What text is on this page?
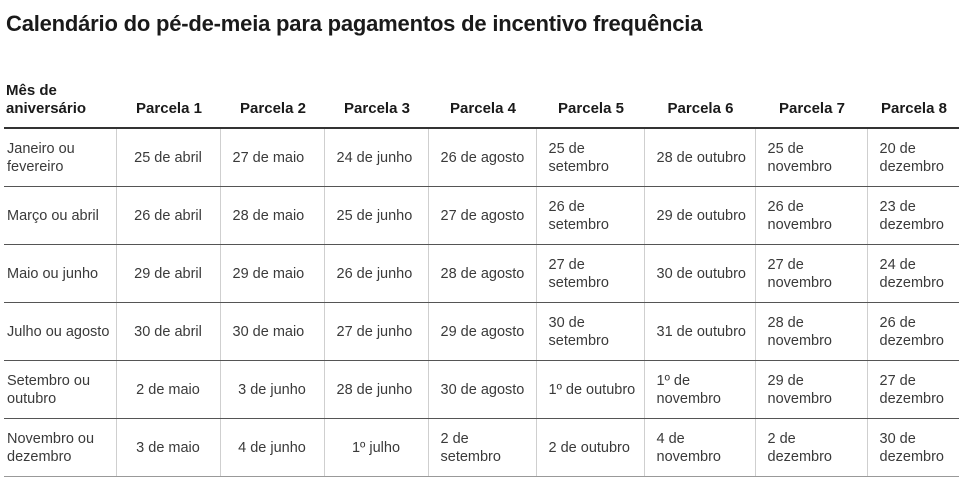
Calendário do pé-de-meia para pagamentos de incentivo frequência
Mês de aniversário	Parcela 1	Parcela 2	Parcela 3	Parcela 4	Parcela 5	Parcela 6	Parcela 7	Parcela 8
Janeiro ou fevereiro	25 de abril	27 de maio	24 de junho	26 de agosto	25 de setembro	28 de outubro	25 de novembro	20 de dezembro
Março ou abril	26 de abril	28 de maio	25 de junho	27 de agosto	26 de setembro	29 de outubro	26 de novembro	23 de dezembro
Maio ou junho	29 de abril	29 de maio	26 de junho	28 de agosto	27 de setembro	30 de outubro	27 de novembro	24 de dezembro
Julho ou agosto	30 de abril	30 de maio	27 de junho	29 de agosto	30 de setembro	31 de outubro	28 de novembro	26 de dezembro
Setembro ou outubro	2 de maio	3 de junho	28 de junho	30 de agosto	1º de outubro	1º de novembro	29 de novembro	27 de dezembro
Novembro ou dezembro	3 de maio	4 de junho	1º julho	2 de setembro	2 de outubro	4 de novembro	2 de dezembro	30 de dezembro
